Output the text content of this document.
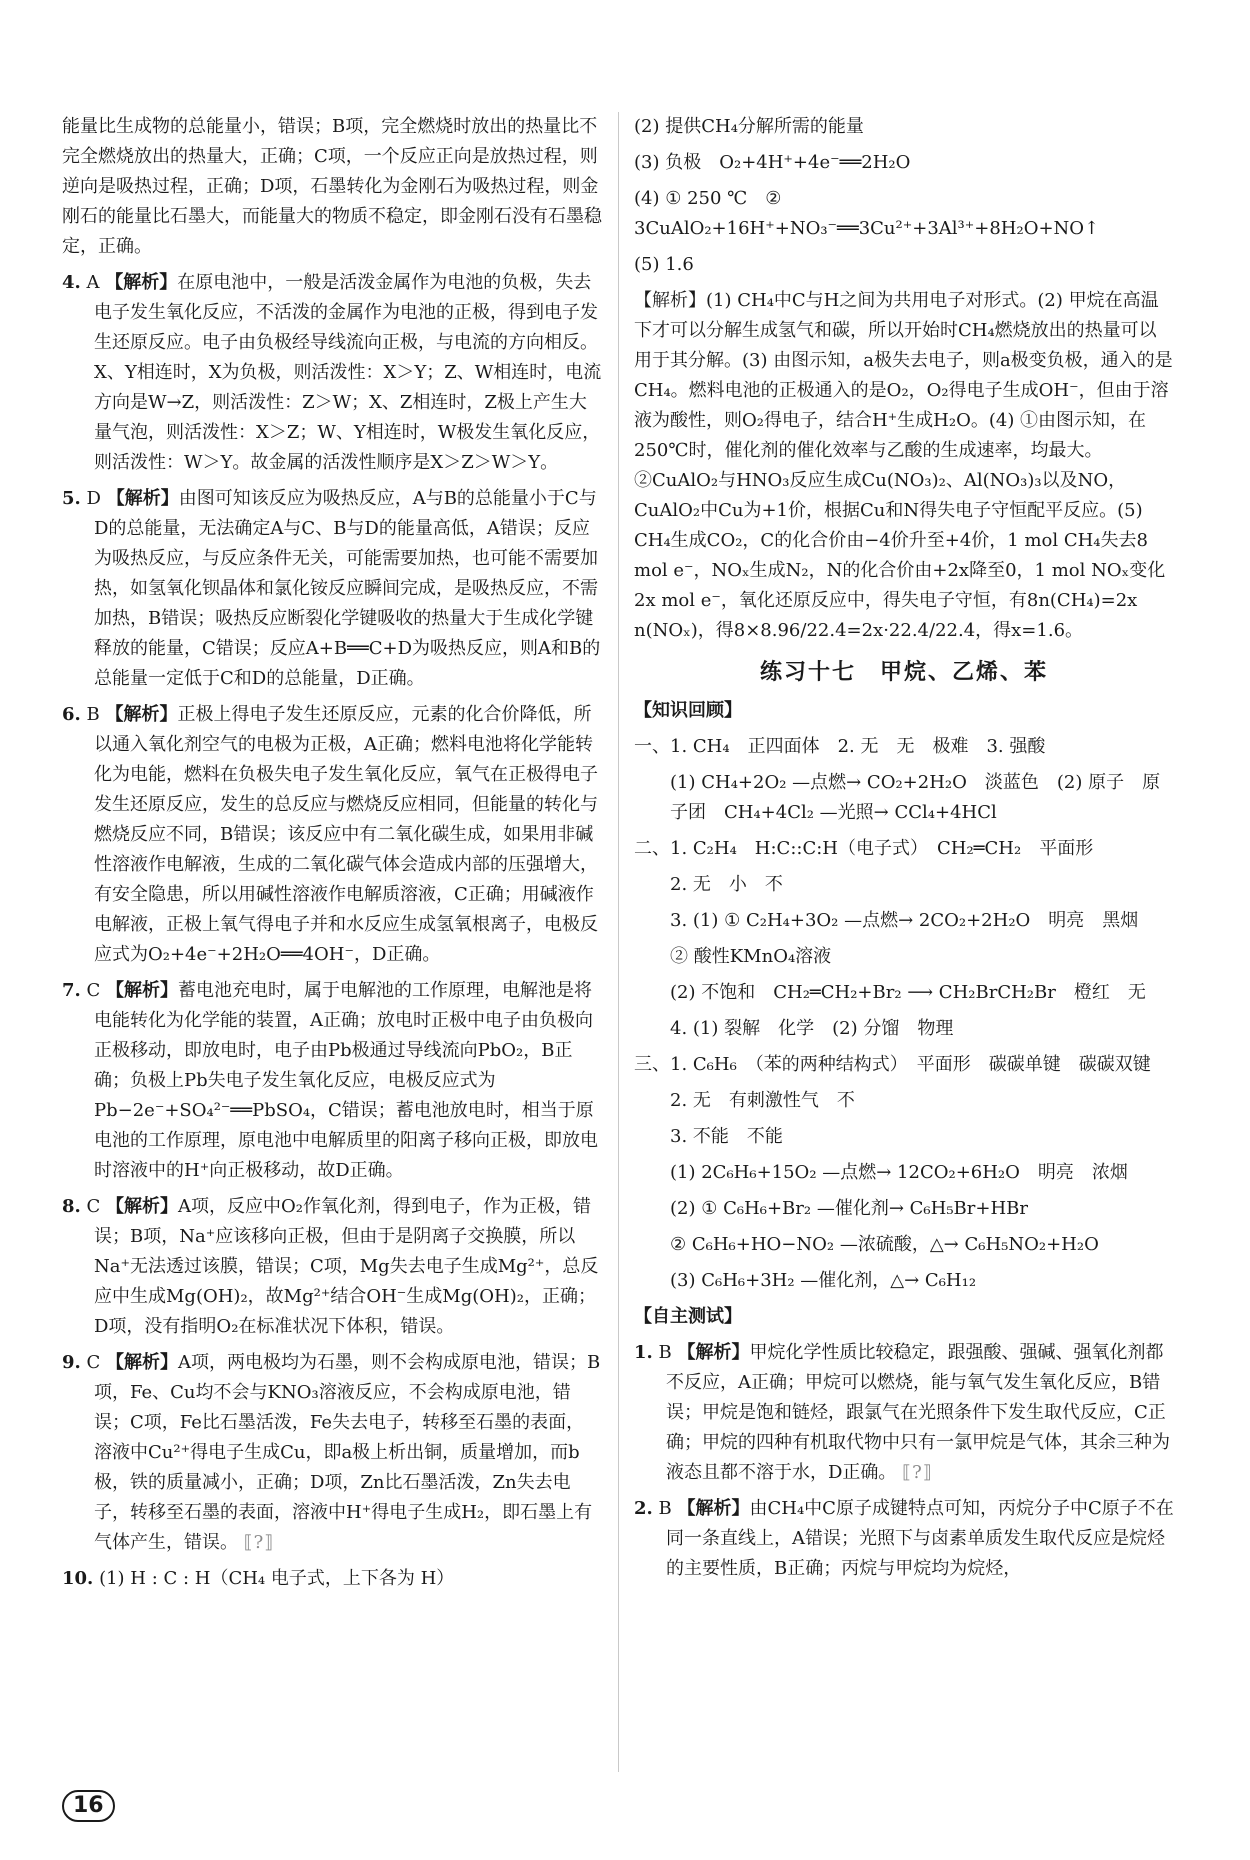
能量比生成物的总能量小，错误；B项，完全燃烧时放出的热量比不完全燃烧放出的热量大，正确；C项，一个反应正向是放热过程，则逆向是吸热过程，正确；D项，石墨转化为金刚石为吸热过程，则金刚石的能量比石墨大，而能量大的物质不稳定，即金刚石没有石墨稳定，正确。

4. A 【解析】在原电池中，一般是活泼金属作为电池的负极，失去电子发生氧化反应，不活泼的金属作为电池的正极，得到电子发生还原反应。电子由负极经导线流向正极，与电流的方向相反。X、Y相连时，X为负极，则活泼性：X＞Y；Z、W相连时，电流方向是W→Z，则活泼性：Z＞W；X、Z相连时，Z极上产生大量气泡，则活泼性：X＞Z；W、Y相连时，W极发生氧化反应，则活泼性：W＞Y。故金属的活泼性顺序是X＞Z＞W＞Y。

5. D 【解析】由图可知该反应为吸热反应，A与B的总能量小于C与D的总能量，无法确定A与C、B与D的能量高低，A错误；反应为吸热反应，与反应条件无关，可能需要加热，也可能不需要加热，如氢氧化钡晶体和氯化铵反应瞬间完成，是吸热反应，不需加热，B错误；吸热反应断裂化学键吸收的热量大于生成化学键释放的能量，C错误；反应A+B══C+D为吸热反应，则A和B的总能量一定低于C和D的总能量，D正确。

6. B 【解析】正极上得电子发生还原反应，元素的化合价降低，所以通入氧化剂空气的电极为正极，A正确；燃料电池将化学能转化为电能，燃料在负极失电子发生氧化反应，氧气在正极得电子发生还原反应，发生的总反应与燃烧反应相同，但能量的转化与燃烧反应不同，B错误；该反应中有二氧化碳生成，如果用非碱性溶液作电解液，生成的二氧化碳气体会造成内部的压强增大，有安全隐患，所以用碱性溶液作电解质溶液，C正确；用碱液作电解液，正极上氧气得电子并和水反应生成氢氧根离子，电极反应式为O₂+4e⁻+2H₂O══4OH⁻，D正确。

7. C 【解析】蓄电池充电时，属于电解池的工作原理，电解池是将电能转化为化学能的装置，A正确；放电时正极中电子由负极向正极移动，即放电时，电子由Pb极通过导线流向PbO₂，B正确；负极上Pb失电子发生氧化反应，电极反应式为Pb−2e⁻+SO₄²⁻══PbSO₄，C错误；蓄电池放电时，相当于原电池的工作原理，原电池中电解质里的阳离子移向正极，即放电时溶液中的H⁺向正极移动，故D正确。

8. C 【解析】A项，反应中O₂作氧化剂，得到电子，作为正极，错误；B项，Na⁺应该移向正极，但由于是阴离子交换膜，所以Na⁺无法透过该膜，错误；C项，Mg失去电子生成Mg²⁺，总反应中生成Mg(OH)₂，故Mg²⁺结合OH⁻生成Mg(OH)₂，正确；D项，没有指明O₂在标准状况下体积，错误。

9. C 【解析】A项，两电极均为石墨，则不会构成原电池，错误；B项，Fe、Cu均不会与KNO₃溶液反应，不会构成原电池，错误；C项，Fe比石墨活泼，Fe失去电子，转移至石墨的表面，溶液中Cu²⁺得电子生成Cu，即a极上析出铜，质量增加，而b极，铁的质量减小，正确；D项，Zn比石墨活泼，Zn失去电子，转移至石墨的表面，溶液中H⁺得电子生成H₂，即石墨上有气体产生，错误。 ⟦?⟧

10. (1) H : C : H（CH₄ 电子式，上下各为 H）

(2) 提供CH₄分解所需的能量

(3) 负极　O₂+4H⁺+4e⁻══2H₂O

(4) ① 250 ℃　② 3CuAlO₂+16H⁺+NO₃⁻══3Cu²⁺+3Al³⁺+8H₂O+NO↑

(5) 1.6

【解析】(1) CH₄中C与H之间为共用电子对形式。(2) 甲烷在高温下才可以分解生成氢气和碳，所以开始时CH₄燃烧放出的热量可以用于其分解。(3) 由图示知，a极失去电子，则a极变负极，通入的是CH₄。燃料电池的正极通入的是O₂，O₂得电子生成OH⁻，但由于溶液为酸性，则O₂得电子，结合H⁺生成H₂O。(4) ①由图示知，在250℃时，催化剂的催化效率与乙酸的生成速率，均最大。②CuAlO₂与HNO₃反应生成Cu(NO₃)₂、Al(NO₃)₃以及NO，CuAlO₂中Cu为+1价，根据Cu和N得失电子守恒配平反应。(5) CH₄生成CO₂，C的化合价由−4价升至+4价，1 mol CH₄失去8 mol e⁻，NOₓ生成N₂，N的化合价由+2x降至0，1 mol NOₓ变化2x mol e⁻，氧化还原反应中，得失电子守恒，有8n(CH₄)=2x n(NOₓ)，得8×8.96/22.4=2x·22.4/22.4，得x=1.6。

练习十七　甲烷、乙烯、苯

【知识回顾】

一、1. CH₄　正四面体　2. 无　无　极难　3. 强酸

(1) CH₄+2O₂ —点燃→ CO₂+2H₂O　淡蓝色　(2) 原子　原子团　CH₄+4Cl₂ —光照→ CCl₄+4HCl

二、1. C₂H₄　H:C::C:H（电子式）　CH₂═CH₂　平面形

2. 无　小　不

3. (1) ① C₂H₄+3O₂ —点燃→ 2CO₂+2H₂O　明亮　黑烟

② 酸性KMnO₄溶液

(2) 不饱和　CH₂═CH₂+Br₂ ⟶ CH₂BrCH₂Br　橙红　无

4. (1) 裂解　化学　(2) 分馏　物理

三、1. C₆H₆　（苯的两种结构式）　平面形　碳碳单键　碳碳双键

2. 无　有刺激性气　不

3. 不能　不能

(1) 2C₆H₆+15O₂ —点燃→ 12CO₂+6H₂O　明亮　浓烟

(2) ① C₆H₆+Br₂ —催化剂→ C₆H₅Br+HBr

② C₆H₆+HO−NO₂ —浓硫酸，△→ C₆H₅NO₂+H₂O

(3) C₆H₆+3H₂ —催化剂，△→ C₆H₁₂

【自主测试】

1. B 【解析】甲烷化学性质比较稳定，跟强酸、强碱、强氧化剂都不反应，A正确；甲烷可以燃烧，能与氧气发生氧化反应，B错误；甲烷是饱和链烃，跟氯气在光照条件下发生取代反应，C正确；甲烷的四种有机取代物中只有一氯甲烷是气体，其余三种为液态且都不溶于水，D正确。 ⟦?⟧

2. B 【解析】由CH₄中C原子成键特点可知，丙烷分子中C原子不在同一条直线上，A错误；光照下与卤素单质发生取代反应是烷烃的主要性质，B正确；丙烷与甲烷均为烷烃，

16
